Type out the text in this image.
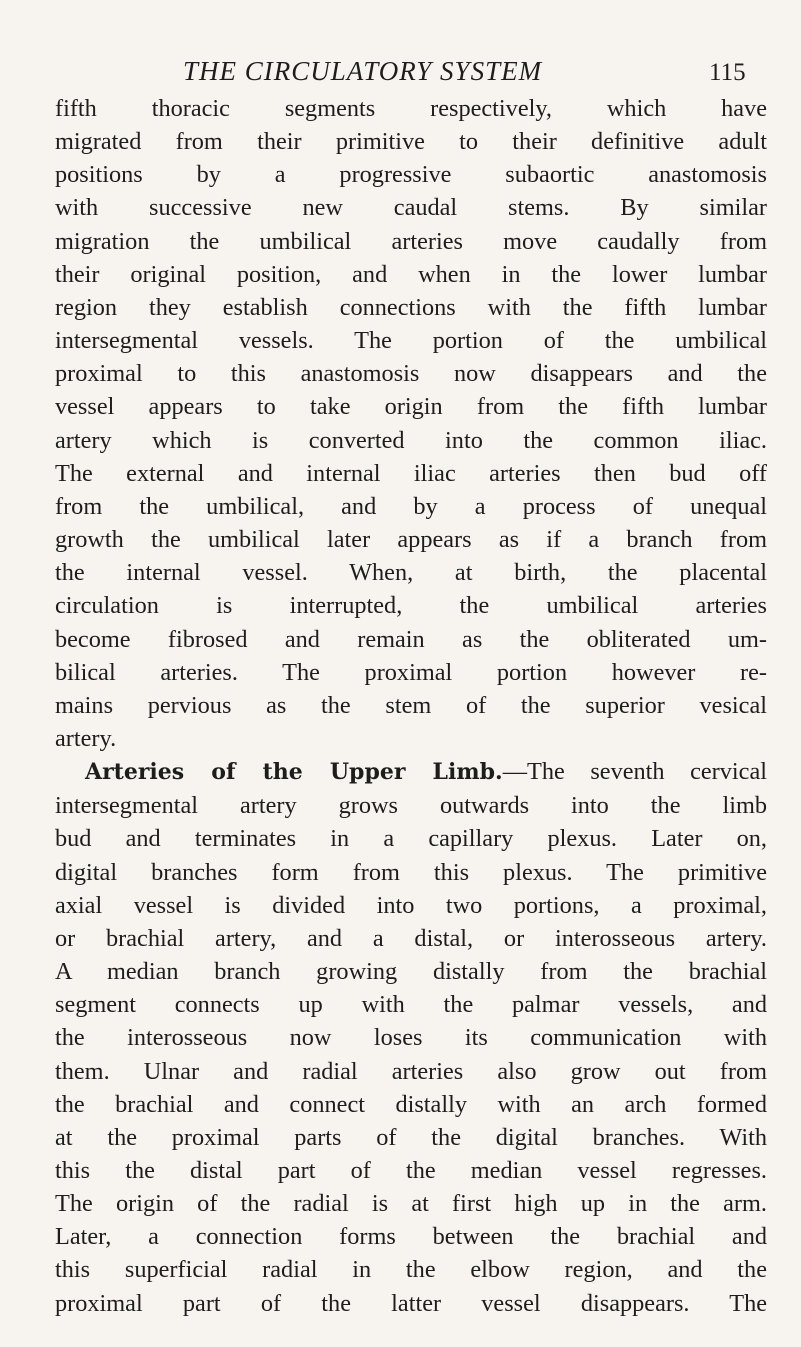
THE CIRCULATORY SYSTEM	115
fifth thoracic segments respectively, which have
migrated from their primitive to their definitive adult
positions by a progressive subaortic anastomosis
with successive new caudal stems. By similar
migration the umbilical arteries move caudally from
their original position, and when in the lower lumbar
region they establish connections with the fifth lumbar
intersegmental vessels. The portion of the umbilical
proximal to this anastomosis now disappears and the
vessel appears to take origin from the fifth lumbar
artery which is converted into the common iliac.
The external and internal iliac arteries then bud off
from the umbilical, and by a process of unequal
growth the umbilical later appears as if a branch from
the internal vessel. When, at birth, the placental
circulation is interrupted, the umbilical arteries
become fibrosed and remain as the obliterated um-
bilical arteries. The proximal portion however re-
mains pervious as the stem of the superior vesical
artery.
Arteries of the Upper Limb.—The seventh cervical
intersegmental artery grows outwards into the limb
bud and terminates in a capillary plexus. Later on,
digital branches form from this plexus. The primitive
axial vessel is divided into two portions, a proximal,
or brachial artery, and a distal, or interosseous artery.
A median branch growing distally from the brachial
segment connects up with the palmar vessels, and
the interosseous now loses its communication with
them. Ulnar and radial arteries also grow out from
the brachial and connect distally with an arch formed
at the proximal parts of the digital branches. With
this the distal part of the median vessel regresses.
The origin of the radial is at first high up in the arm.
Later, a connection forms between the brachial and
this superficial radial in the elbow region, and the
proximal part of the latter vessel disappears. The
